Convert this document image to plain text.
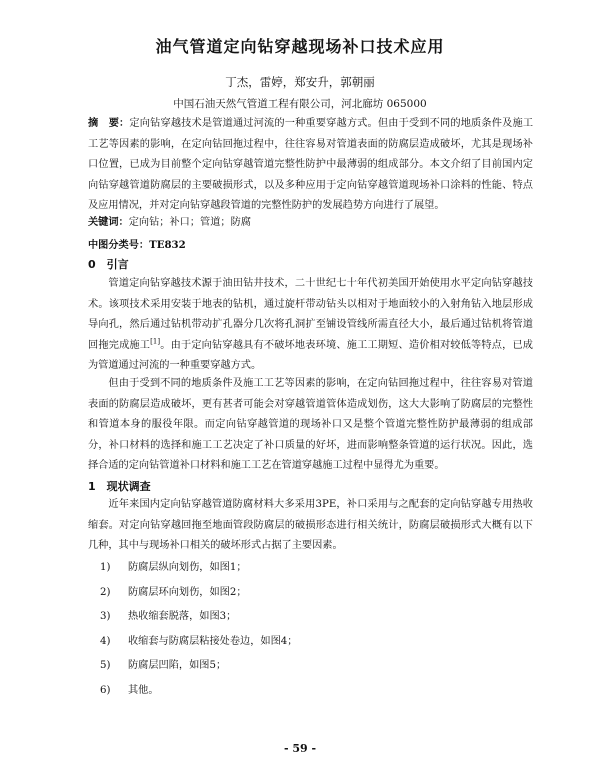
油气管道定向钻穿越现场补口技术应用
丁杰，雷婷，郑安升，郭朝丽
中国石油天然气管道工程有限公司，河北廊坊 065000
摘　要：定向钻穿越技术是管道通过河流的一种重要穿越方式。但由于受到不同的地质条件及施工工艺等因素的影响，在定向钻回拖过程中，往往容易对管道表面的防腐层造成破坏，尤其是现场补口位置，已成为目前整个定向钻穿越管道完整性防护中最薄弱的组成部分。本文介绍了目前国内定向钻穿越管道防腐层的主要破损形式，以及多种应用于定向钻穿越管道现场补口涂料的性能、特点及应用情况，并对定向钻穿越段管道的完整性防护的发展趋势方向进行了展望。
关键词：定向钻；补口；管道；防腐
中图分类号：TE832
0　引言
管道定向钻穿越技术源于油田钻井技术，二十世纪七十年代初美国开始使用水平定向钻穿越技术。该项技术采用安装于地表的钻机，通过旋杆带动钻头以相对于地面较小的入射角钻入地层形成导向孔，然后通过钻机带动扩孔器分几次将孔洞扩至铺设管线所需直径大小，最后通过钻机将管道回拖完成施工[1]。由于定向钻穿越具有不破坏地表环境、施工工期短、造价相对较低等特点，已成为管道通过河流的一种重要穿越方式。
但由于受到不同的地质条件及施工工艺等因素的影响，在定向钻回拖过程中，往往容易对管道表面的防腐层造成破坏，更有甚者可能会对穿越管道管体造成划伤，这大大影响了防腐层的完整性和管道本身的服役年限。而定向钻穿越管道的现场补口又是整个管道完整性防护最薄弱的组成部分，补口材料的选择和施工工艺决定了补口质量的好坏，进而影响整条管道的运行状况。因此，选择合适的定向钻管道补口材料和施工工艺在管道穿越施工过程中显得尤为重要。
1　现状调查
近年来国内定向钻穿越管道防腐材料大多采用3PE，补口采用与之配套的定向钻穿越专用热收缩套。对定向钻穿越回拖至地面管段防腐层的破损形态进行相关统计，防腐层破损形式大概有以下几种，其中与现场补口相关的破坏形式占据了主要因素。
1)	防腐层纵向划伤，如图1；
2)	防腐层环向划伤，如图2；
3)	热收缩套脱落，如图3；
4)	收缩套与防腐层粘接处卷边，如图4；
5)	防腐层凹陷，如图5；
6)	其他。
- 59 -
